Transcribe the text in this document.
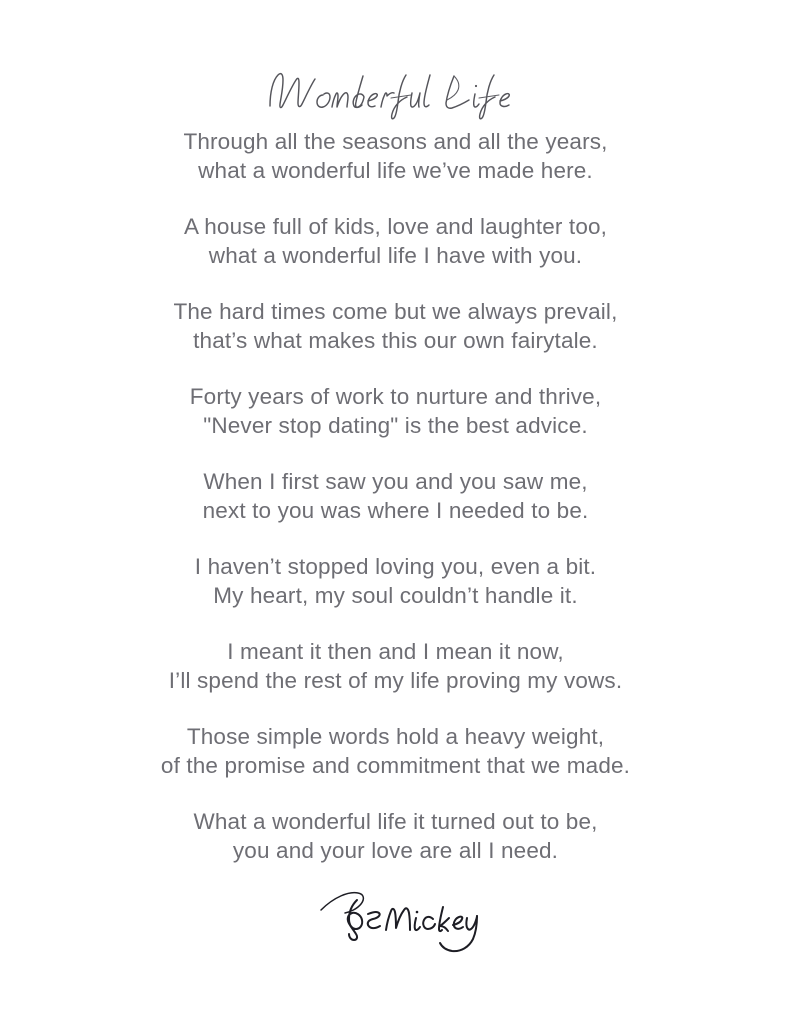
Through all the seasons and all the years,
what a wonderful life we’ve made here.
A house full of kids, love and laughter too,
what a wonderful life I have with you.
The hard times come but we always prevail,
that’s what makes this our own fairytale.
Forty years of work to nurture and thrive,
"Never stop dating" is the best advice.
When I first saw you and you saw me,
next to you was where I needed to be.
I haven’t stopped loving you, even a bit.
My heart, my soul couldn’t handle it.
I meant it then and I mean it now,
I’ll spend the rest of my life proving my vows.
Those simple words hold a heavy weight,
of the promise and commitment that we made.
What a wonderful life it turned out to be,
you and your love are all I need.
